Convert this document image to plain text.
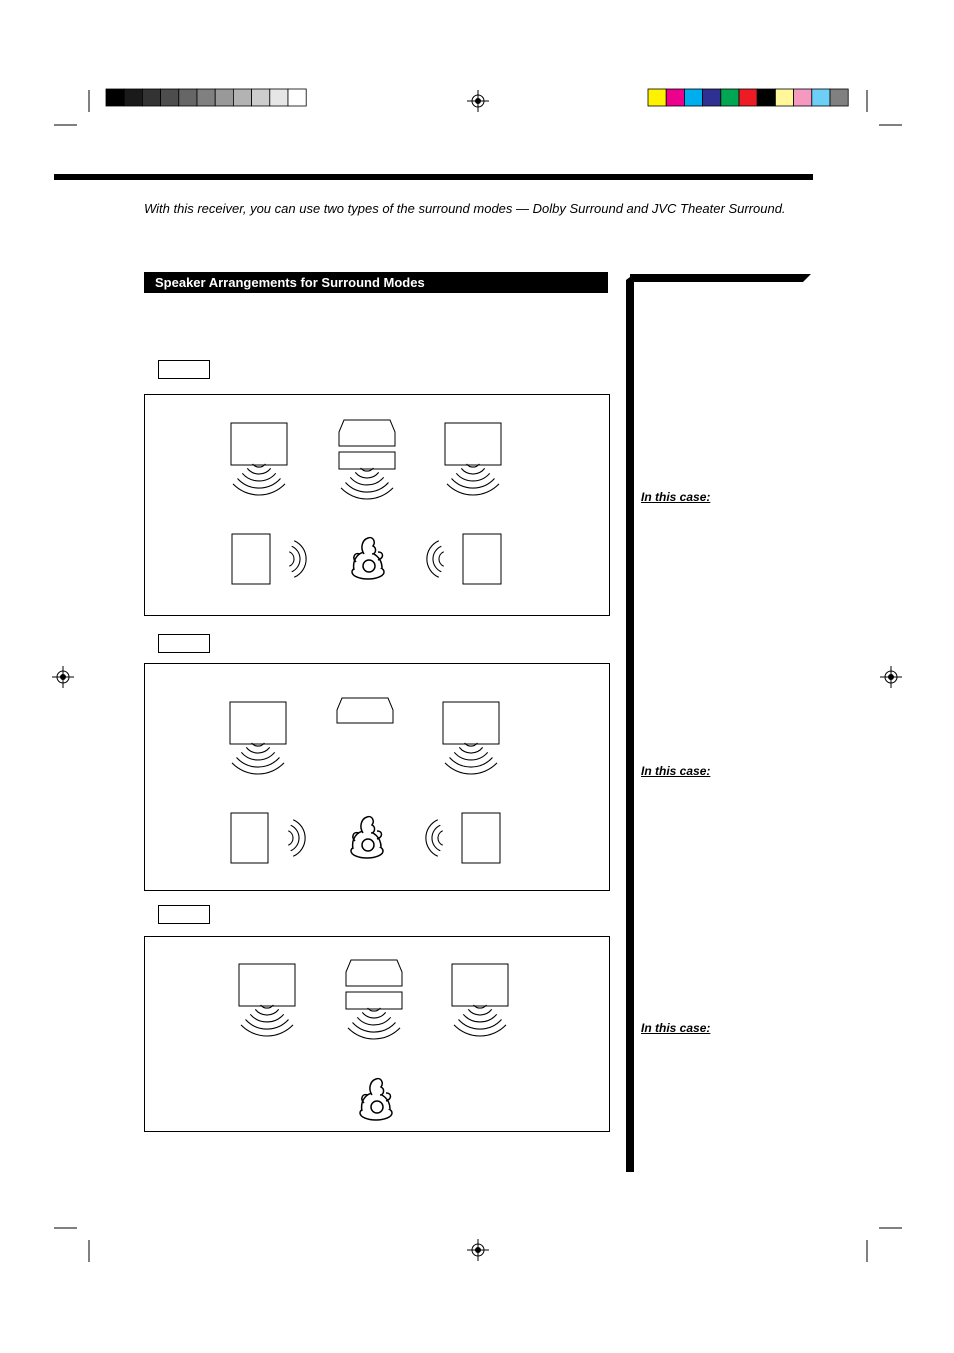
With this receiver, you can use two types of the surround modes — Dolby Surround and JVC Theater Surround.
Speaker Arrangements for Surround Modes
In this case:
In this case:
In this case:
